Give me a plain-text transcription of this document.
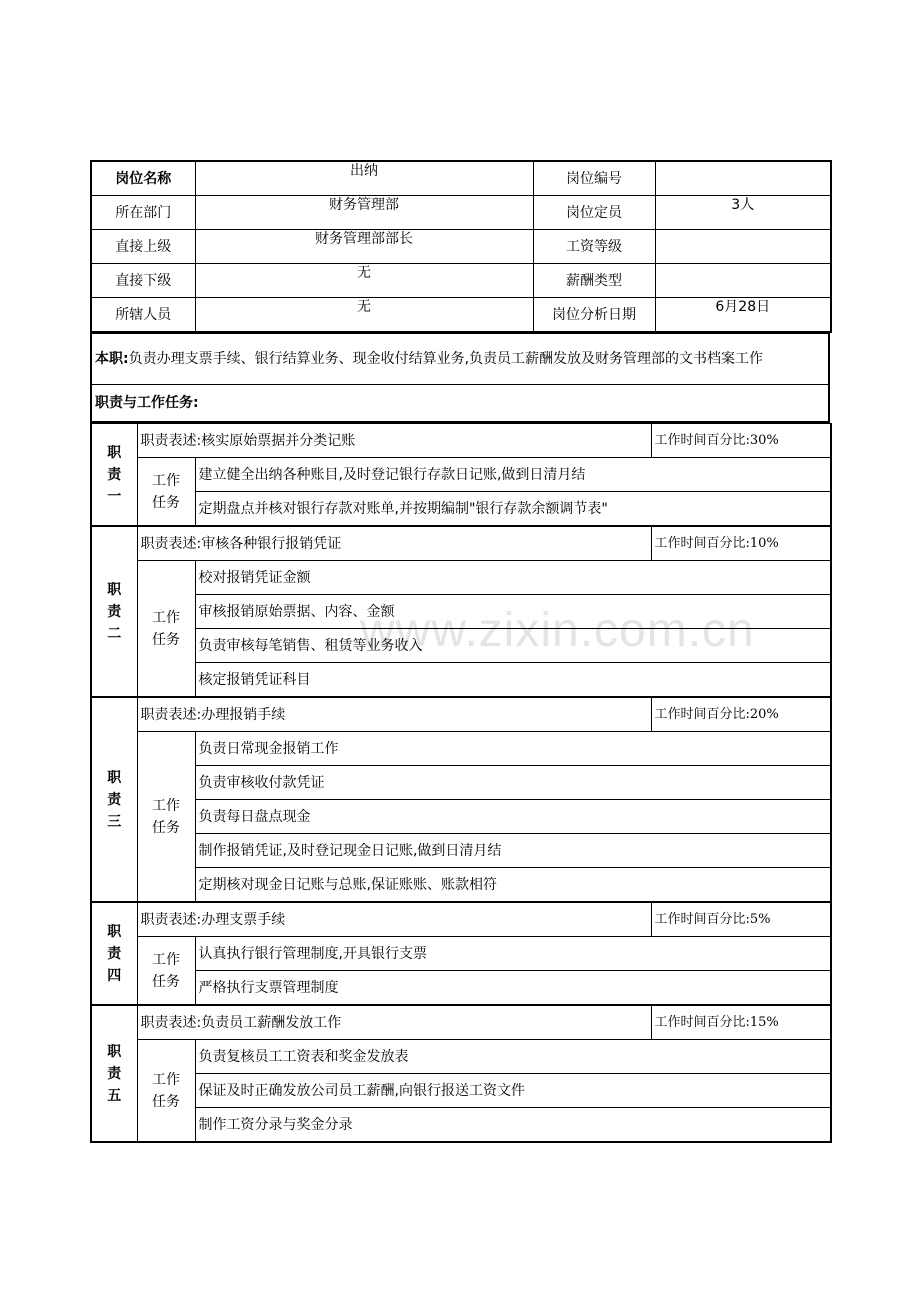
www.zixin.com.cn
岗位名称	出纳	岗位编号	
所在部门	财务管理部	岗位定员	3人
直接上级	财务管理部部长	工资等级	
直接下级	无	薪酬类型	
所辖人员	无	岗位分析日期	6月28日
本职:负责办理支票手续、银行结算业务、现金收付结算业务,负责员工薪酬发放及财务管理部的文书档案工作
职责与工作任务:
职责一	职责表述:核实原始票据并分类记账		工作时间百分比:30%
	工作任务	建立健全出纳各种账目,及时登记银行存款日记账,做到日清月结	
		定期盘点并核对银行存款对账单,并按期编制"银行存款余额调节表"	
职责二	职责表述:审核各种银行报销凭证		工作时间百分比:10%
	工作任务	校对报销凭证金额	
		审核报销原始票据、内容、金额	
		负责审核每笔销售、租赁等业务收入	
		核定报销凭证科目	
职责三	职责表述:办理报销手续		工作时间百分比:20%
	工作任务	负责日常现金报销工作	
		负责审核收付款凭证	
		负责每日盘点现金	
		制作报销凭证,及时登记现金日记账,做到日清月结	
		定期核对现金日记账与总账,保证账账、账款相符	
职责四	职责表述:办理支票手续		工作时间百分比:5%
	工作任务	认真执行银行管理制度,开具银行支票	
		严格执行支票管理制度	
职责五	职责表述:负责员工薪酬发放工作		工作时间百分比:15%
	工作任务	负责复核员工工资表和奖金发放表	
		保证及时正确发放公司员工薪酬,向银行报送工资文件	
		制作工资分录与奖金分录	
